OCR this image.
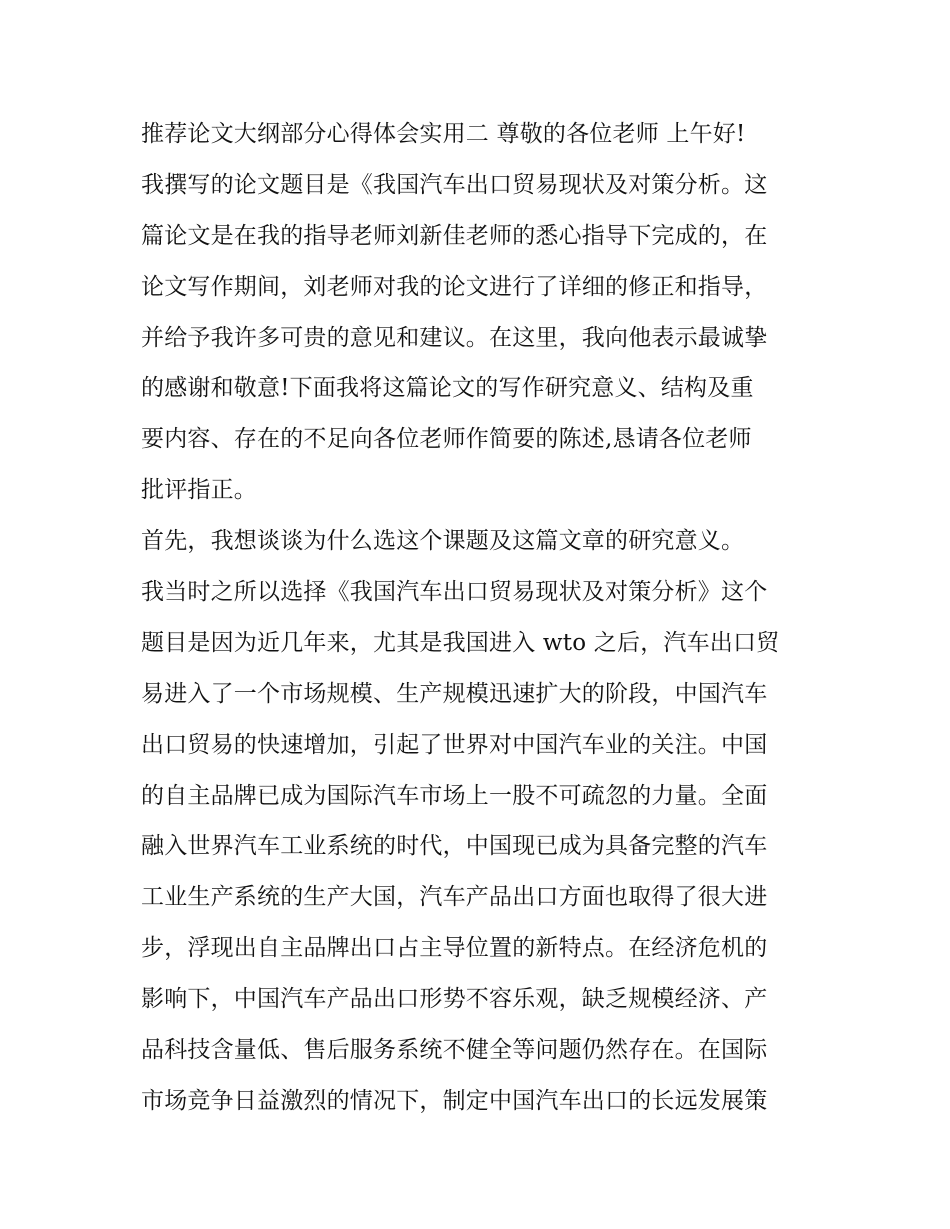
推荐论文大纲部分心得体会实用二 尊敬的各位老师 上午好!
我撰写的论文题目是《我国汽车出口贸易现状及对策分析。这
篇论文是在我的指导老师刘新佳老师的悉心指导下完成的，在
论文写作期间，刘老师对我的论文进行了详细的修正和指导，
并给予我许多可贵的意见和建议。在这里，我向他表示最诚挚
的感谢和敬意!下面我将这篇论文的写作研究意义、结构及重
要内容、存在的不足向各位老师作简要的陈述,恳请各位老师
批评指正。
首先，我想谈谈为什么选这个课题及这篇文章的研究意义。
我当时之所以选择《我国汽车出口贸易现状及对策分析》这个
题目是因为近几年来，尤其是我国进入 wto 之后，汽车出口贸
易进入了一个市场规模、生产规模迅速扩大的阶段，中国汽车
出口贸易的快速增加，引起了世界对中国汽车业的关注。中国
的自主品牌已成为国际汽车市场上一股不可疏忽的力量。全面
融入世界汽车工业系统的时代，中国现已成为具备完整的汽车
工业生产系统的生产大国，汽车产品出口方面也取得了很大进
步，浮现出自主品牌出口占主导位置的新特点。在经济危机的
影响下，中国汽车产品出口形势不容乐观，缺乏规模经济、产
品科技含量低、售后服务系统不健全等问题仍然存在。在国际
市场竞争日益激烈的情况下，制定中国汽车出口的长远发展策
